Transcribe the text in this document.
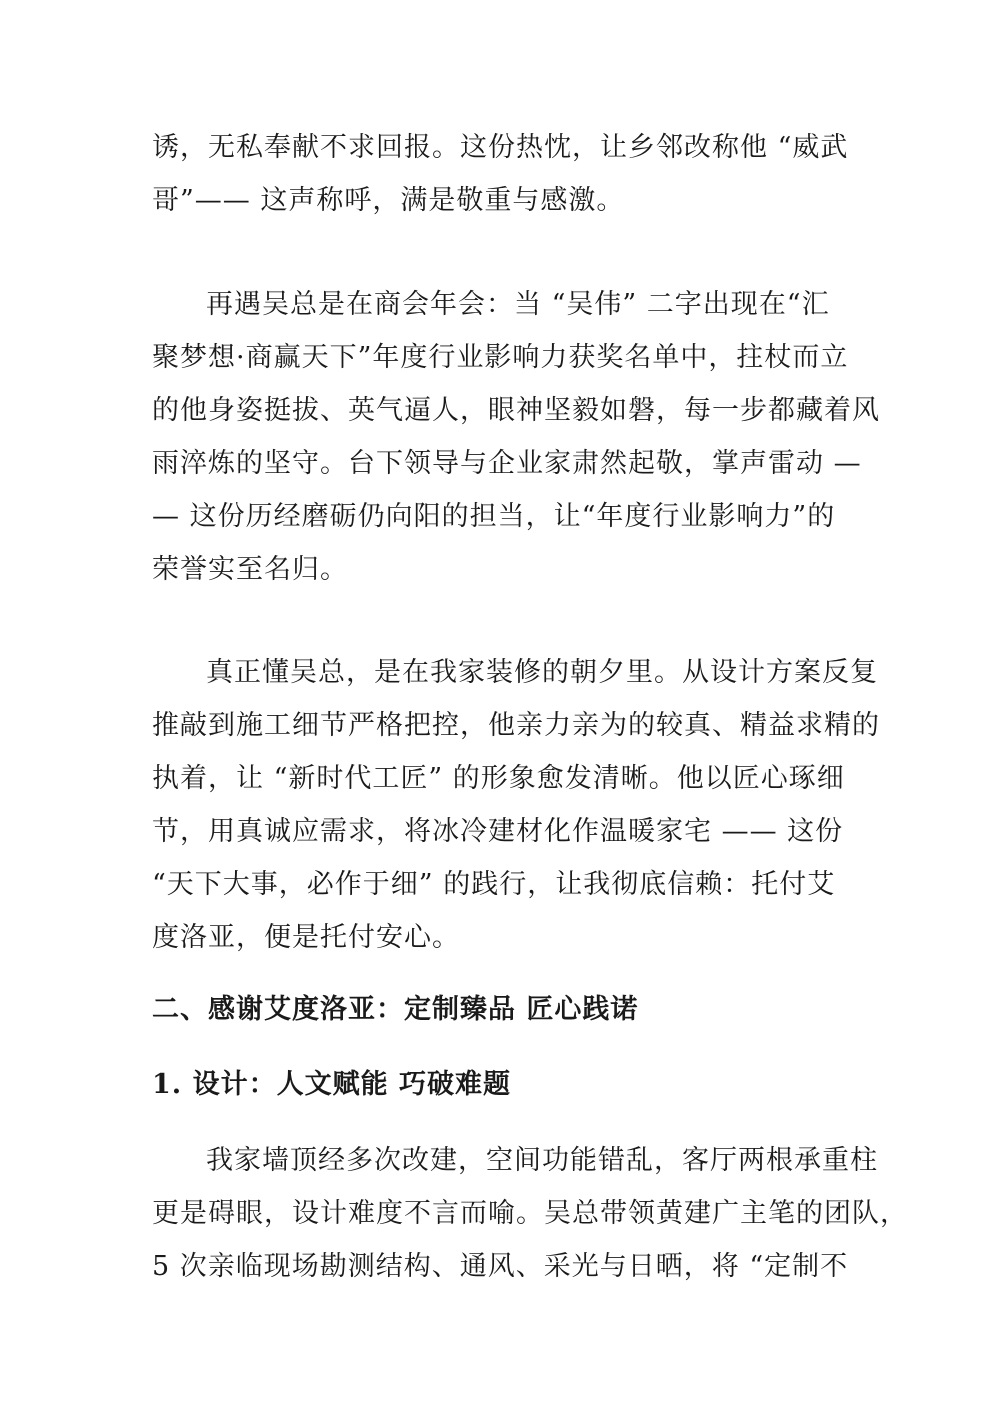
诱，无私奉献不求回报。这份热忱，让乡邻改称他 “威武
哥”—— 这声称呼，满是敬重与感激。
再遇吴总是在商会年会：当 “吴伟” 二字出现在“汇
聚梦想·商赢天下”年度行业影响力获奖名单中，拄杖而立
的他身姿挺拔、英气逼人，眼神坚毅如磐，每一步都藏着风
雨淬炼的坚守。台下领导与企业家肃然起敬，掌声雷动 —
— 这份历经磨砺仍向阳的担当，让“年度行业影响力”的
荣誉实至名归。
真正懂吴总，是在我家装修的朝夕里。从设计方案反复
推敲到施工细节严格把控，他亲力亲为的较真、精益求精的
执着，让 “新时代工匠” 的形象愈发清晰。他以匠心琢细
节，用真诚应需求，将冰冷建材化作温暖家宅 —— 这份
“天下大事，必作于细” 的践行，让我彻底信赖：托付艾
度洛亚，便是托付安心。
二、感谢艾度洛亚：定制臻品 匠心践诺
1. 设计：人文赋能 巧破难题
我家墙顶经多次改建，空间功能错乱，客厅两根承重柱
更是碍眼，设计难度不言而喻。吴总带领黄建广主笔的团队，
5 次亲临现场勘测结构、通风、采光与日晒，将 “定制不
